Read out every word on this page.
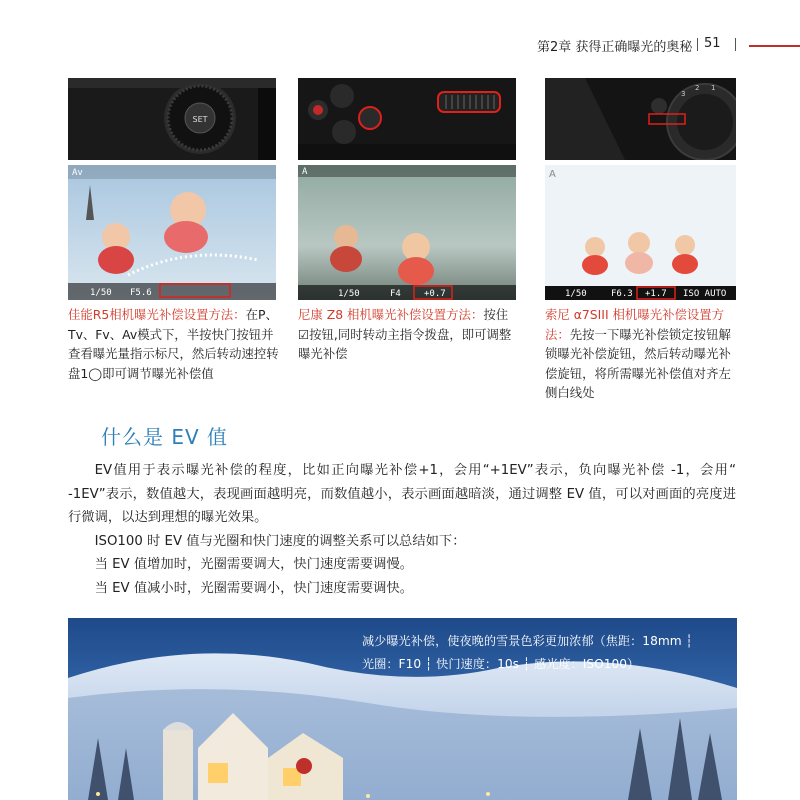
第2章 获得正确曝光的奥秘 51
SET
Av
1/50 F5.6
佳能R5相机曝光补偿设置方法：在P、Tv、Fv、Av模式下，半按快门按钮并查看曝光量指示标尺，然后转动速控转盘1◯即可调节曝光补偿值
A
1/50	F4	+0.7
尼康 Z8 相机曝光补偿设置方法：按住☑按钮,同时转动主指令拨盘，即可调整曝光补偿
3
2 1
A
1/50	F6.3 +1.7 ISO AUTO
索尼 α7SIII 相机曝光补偿设置方法：先按一下曝光补偿锁定按钮解锁曝光补偿旋钮，然后转动曝光补偿旋钮，将所需曝光补偿值对齐左侧白线处
什么是 EV 值

EV值用于表示曝光补偿的程度，比如正向曝光补偿+1，会用“+1EV”表示，负向曝光补偿 -1，会用“ -1EV”表示，数值越大，表现画面越明亮，而数值越小，表示画面越暗淡，通过调整 EV 值，可以对画面的亮度进行微调，以达到理想的曝光效果。

ISO100 时 EV 值与光圈和快门速度的调整关系可以总结如下：

当 EV 值增加时，光圈需要调大，快门速度需要调慢。

当 EV 值减小时，光圈需要调小，快门速度需要调快。

减少曝光补偿，使夜晚的雪景色彩更加浓郁（焦距：18mm ┆
光圈：F10 ┆ 快门速度：10s ┆ 感光度：ISO100）
